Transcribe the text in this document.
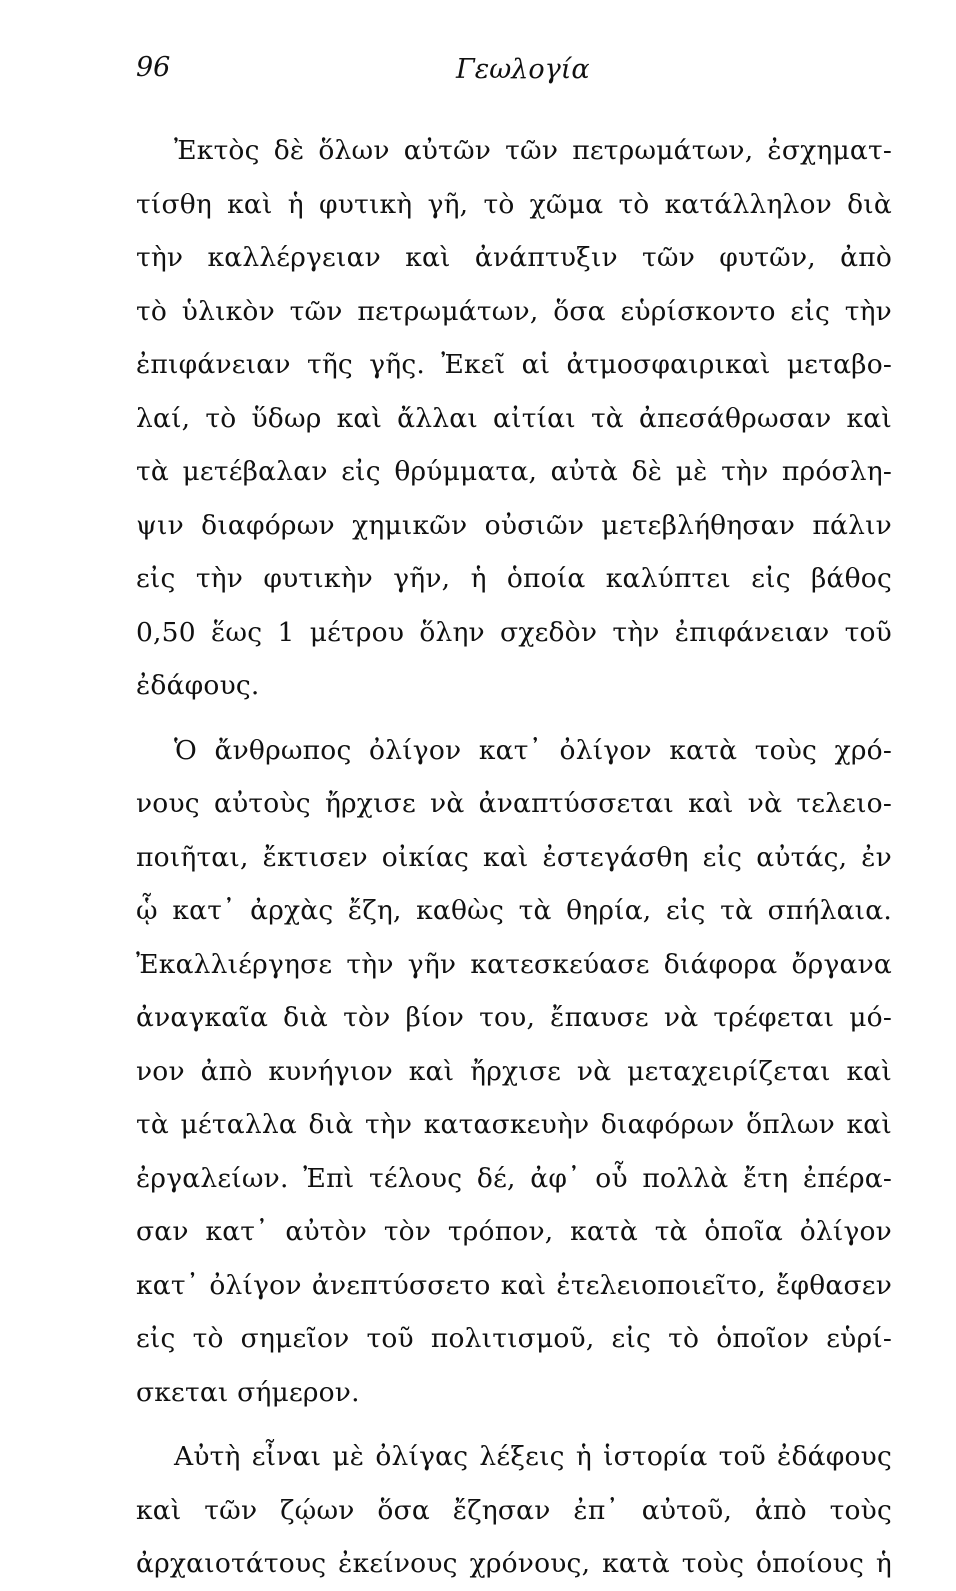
96	Γεωλογία
Ἐκτὸς δὲ ὅλων αὐτῶν τῶν πετρωμάτων, ἐσχηματ-
τίσθη καὶ ἡ φυτικὴ γῆ, τὸ χῶμα τὸ κατάλληλον διὰ
τὴν καλλέργειαν καὶ ἀνάπτυξιν τῶν φυτῶν, ἀπὸ
τὸ ὑλικὸν τῶν πετρωμάτων, ὅσα εὑρίσκοντο εἰς τὴν
ἐπιφάνειαν τῆς γῆς. Ἐκεῖ αἱ ἀτμοσφαιρικαὶ μεταβο-
λαί, τὸ ὕδωρ καὶ ἄλλαι αἰτίαι τὰ ἀπεσάθρωσαν καὶ
τὰ μετέβαλαν εἰς θρύμματα, αὐτὰ δὲ μὲ τὴν πρόσλη-
ψιν διαφόρων χημικῶν οὐσιῶν μετεβλήθησαν πάλιν
εἰς τὴν φυτικὴν γῆν, ἡ ὁποία καλύπτει εἰς βάθος
0,50 ἕως 1 μέτρου ὅλην σχεδὸν τὴν ἐπιφάνειαν τοῦ
ἐδάφους.
Ὁ ἄνθρωπος ὀλίγον κατ᾽ ὀλίγον κατὰ τοὺς χρό-
νους αὐτοὺς ἤρχισε νὰ ἀναπτύσσεται καὶ νὰ τελειο-
ποιῆται, ἔκτισεν οἰκίας καὶ ἐστεγάσθη εἰς αὐτάς, ἐν
ᾧ κατ᾽ ἀρχὰς ἔζη, καθὼς τὰ θηρία, εἰς τὰ σπήλαια.
Ἐκαλλιέργησε τὴν γῆν κατεσκεύασε διάφορα ὄργανα
ἀναγκαῖα διὰ τὸν βίον του, ἔπαυσε νὰ τρέφεται μό-
νον ἀπὸ κυνήγιον καὶ ἤρχισε νὰ μεταχειρίζεται καὶ
τὰ μέταλλα διὰ τὴν κατασκευὴν διαφόρων ὅπλων καὶ
ἐργαλείων. Ἐπὶ τέλους δέ, ἀφ᾽ οὗ πολλὰ ἔτη ἐπέρα-
σαν κατ᾽ αὐτὸν τὸν τρόπον, κατὰ τὰ ὁποῖα ὀλίγον
κατ᾽ ὀλίγον ἀνεπτύσσετο καὶ ἐτελειοποιεῖτο, ἔφθασεν
εἰς τὸ σημεῖον τοῦ πολιτισμοῦ, εἰς τὸ ὁποῖον εὑρί-
σκεται σήμερον.
Αὐτὴ εἶναι μὲ ὀλίγας λέξεις ἡ ἱστορία τοῦ ἐδάφους
καὶ τῶν ζῴων ὅσα ἔζησαν ἐπ᾽ αὐτοῦ, ἀπὸ τοὺς
ἀρχαιοτάτους ἐκείνους χρόνους, κατὰ τοὺς ὁποίους ἡ
